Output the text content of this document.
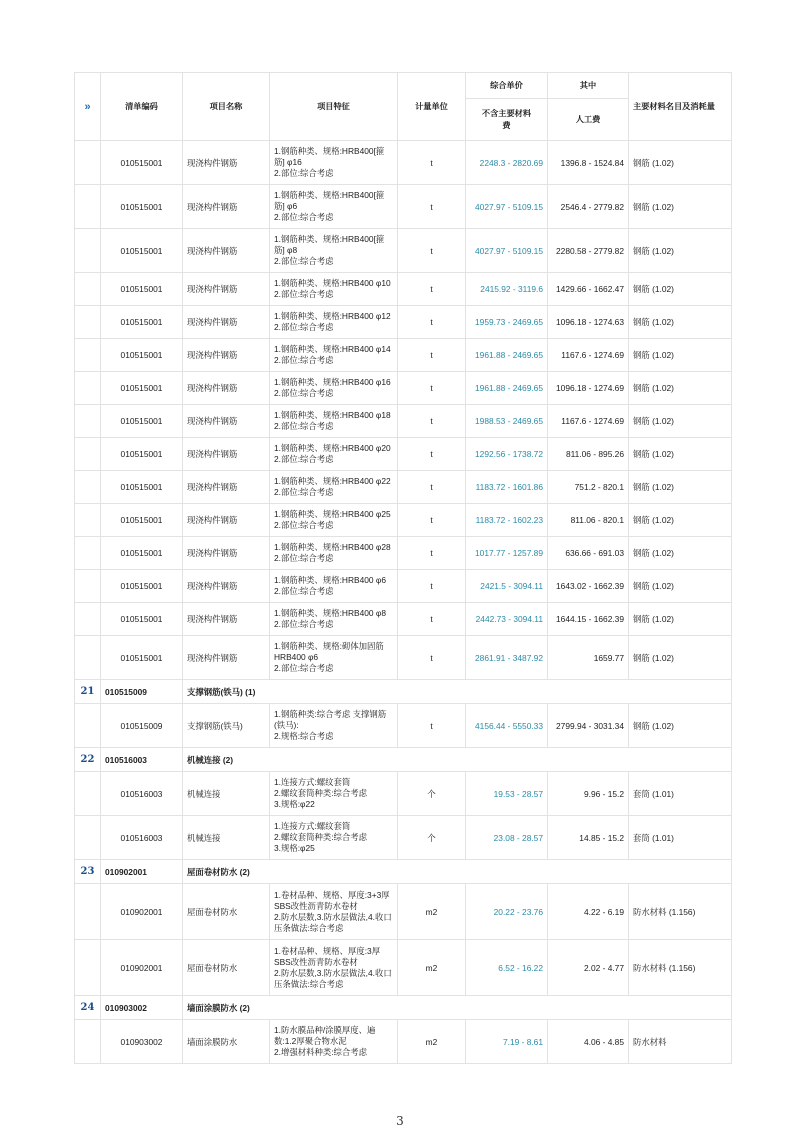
»	清单编码	项目名称	项目特征	计量单位	综合单价	其中	主要材料名目及消耗量
					不含主要材料费	人工费	
	010515001	现浇构件钢筋	1.钢筋种类、规格:HRB400[箍
筋] φ16
2.部位:综合考虑	t	2248.3 - 2820.69	1396.8 - 1524.84	钢筋 (1.02)
	010515001	现浇构件钢筋	1.钢筋种类、规格:HRB400[箍
筋] φ6
2.部位:综合考虑	t	4027.97 - 5109.15	2546.4 - 2779.82	钢筋 (1.02)
	010515001	现浇构件钢筋	1.钢筋种类、规格:HRB400[箍
筋] φ8
2.部位:综合考虑	t	4027.97 - 5109.15	2280.58 - 2779.82	钢筋 (1.02)
	010515001	现浇构件钢筋	1.钢筋种类、规格:HRB400 φ10
2.部位:综合考虑	t	2415.92 - 3119.6	1429.66 - 1662.47	钢筋 (1.02)
	010515001	现浇构件钢筋	1.钢筋种类、规格:HRB400 φ12
2.部位:综合考虑	t	1959.73 - 2469.65	1096.18 - 1274.63	钢筋 (1.02)
	010515001	现浇构件钢筋	1.钢筋种类、规格:HRB400 φ14
2.部位:综合考虑	t	1961.88 - 2469.65	1167.6 - 1274.69	钢筋 (1.02)
	010515001	现浇构件钢筋	1.钢筋种类、规格:HRB400 φ16
2.部位:综合考虑	t	1961.88 - 2469.65	1096.18 - 1274.69	钢筋 (1.02)
	010515001	现浇构件钢筋	1.钢筋种类、规格:HRB400 φ18
2.部位:综合考虑	t	1988.53 - 2469.65	1167.6 - 1274.69	钢筋 (1.02)
	010515001	现浇构件钢筋	1.钢筋种类、规格:HRB400 φ20
2.部位:综合考虑	t	1292.56 - 1738.72	811.06 - 895.26	钢筋 (1.02)
	010515001	现浇构件钢筋	1.钢筋种类、规格:HRB400 φ22
2.部位:综合考虑	t	1183.72 - 1601.86	751.2 - 820.1	钢筋 (1.02)
	010515001	现浇构件钢筋	1.钢筋种类、规格:HRB400 φ25
2.部位:综合考虑	t	1183.72 - 1602.23	811.06 - 820.1	钢筋 (1.02)
	010515001	现浇构件钢筋	1.钢筋种类、规格:HRB400 φ28
2.部位:综合考虑	t	1017.77 - 1257.89	636.66 - 691.03	钢筋 (1.02)
	010515001	现浇构件钢筋	1.钢筋种类、规格:HRB400 φ6
2.部位:综合考虑	t	2421.5 - 3094.11	1643.02 - 1662.39	钢筋 (1.02)
	010515001	现浇构件钢筋	1.钢筋种类、规格:HRB400 φ8
2.部位:综合考虑	t	2442.73 - 3094.11	1644.15 - 1662.39	钢筋 (1.02)
	010515001	现浇构件钢筋	1.钢筋种类、规格:砌体加固筋
HRB400 φ6
2.部位:综合考虑	t	2861.91 - 3487.92	1659.77	钢筋 (1.02)
21	010515009	支撑钢筋(铁马) (1)					
	010515009	支撑钢筋(铁马)	1.钢筋种类:综合考虑 支撑钢筋
(铁马):
2.规格:综合考虑	t	4156.44 - 5550.33	2799.94 - 3031.34	钢筋 (1.02)
22	010516003	机械连接 (2)					
	010516003	机械连接	1.连接方式:螺纹套筒
2.螺纹套筒种类:综合考虑
3.规格:φ22	个	19.53 - 28.57	9.96 - 15.2	套筒 (1.01)
	010516003	机械连接	1.连接方式:螺纹套筒
2.螺纹套筒种类:综合考虑
3.规格:φ25	个	23.08 - 28.57	14.85 - 15.2	套筒 (1.01)
23	010902001	屋面卷材防水 (2)					
	010902001	屋面卷材防水	1.卷材品种、规格、厚度:3+3厚
SBS改性沥青防水卷材
2.防水层数,3.防水层做法,4.收口
压条做法:综合考虑	m2	20.22 - 23.76	4.22 - 6.19	防水材料 (1.156)
	010902001	屋面卷材防水	1.卷材品种、规格、厚度:3厚
SBS改性沥青防水卷材
2.防水层数,3.防水层做法,4.收口
压条做法:综合考虑	m2	6.52 - 16.22	2.02 - 4.77	防水材料 (1.156)
24	010903002	墙面涂膜防水 (2)					
	010903002	墙面涂膜防水	1.防水膜品种/涂膜厚度、遍
数:1.2厚聚合物水泥
2.增强材料种类:综合考虑	m2	7.19 - 8.61	4.06 - 4.85	防水材料
3
